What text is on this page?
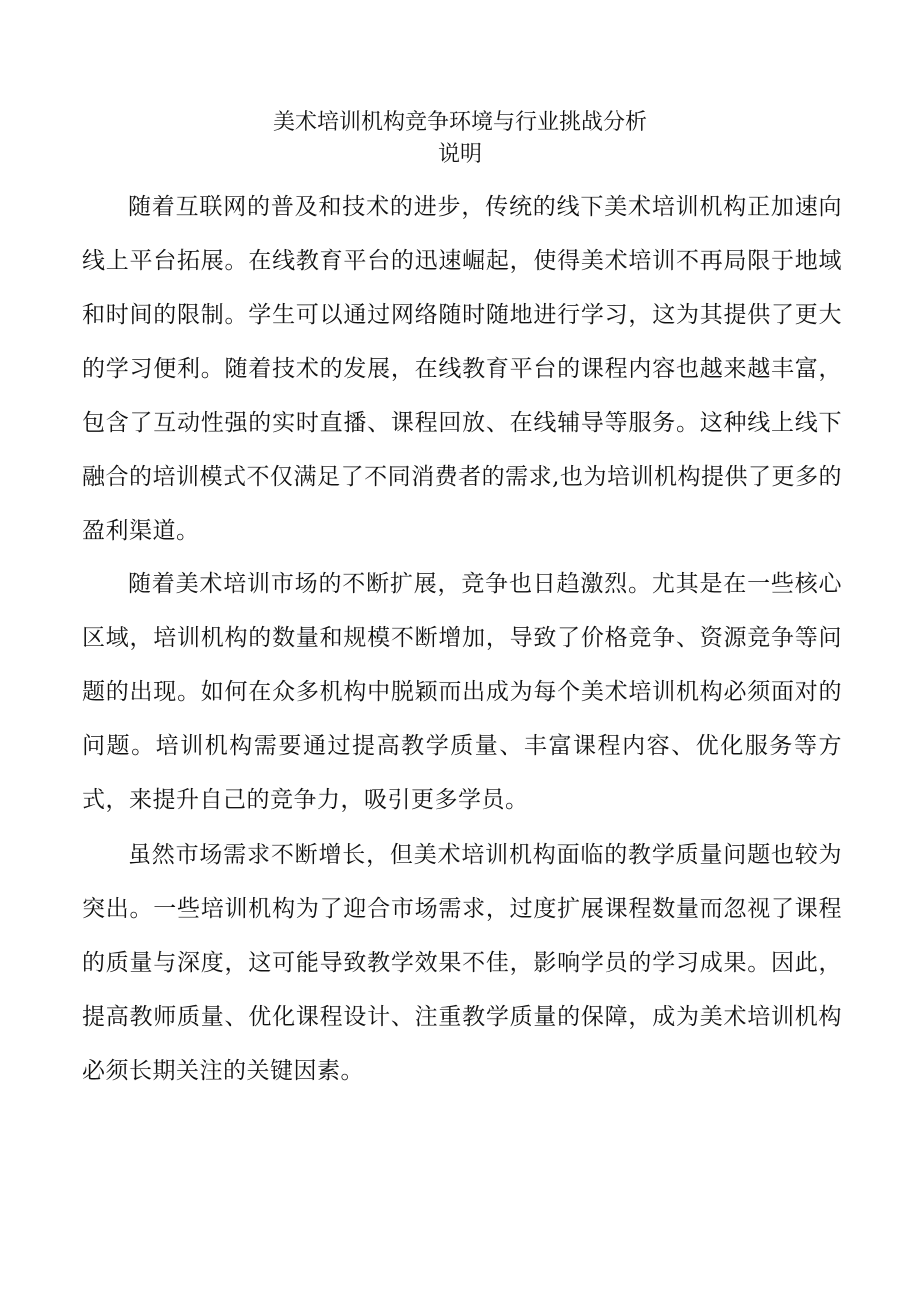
美术培训机构竞争环境与行业挑战分析
说明

随着互联网的普及和技术的进步，传统的线下美术培训机构正加速向线上平台拓展。在线教育平台的迅速崛起，使得美术培训不再局限于地域和时间的限制。学生可以通过网络随时随地进行学习，这为其提供了更大的学习便利。随着技术的发展，在线教育平台的课程内容也越来越丰富，包含了互动性强的实时直播、课程回放、在线辅导等服务。这种线上线下融合的培训模式不仅满足了不同消费者的需求,也为培训机构提供了更多的盈利渠道。

随着美术培训市场的不断扩展，竞争也日趋激烈。尤其是在一些核心区域，培训机构的数量和规模不断增加，导致了价格竞争、资源竞争等问题的出现。如何在众多机构中脱颖而出成为每个美术培训机构必须面对的问题。培训机构需要通过提高教学质量、丰富课程内容、优化服务等方式，来提升自己的竞争力，吸引更多学员。

虽然市场需求不断增长，但美术培训机构面临的教学质量问题也较为突出。一些培训机构为了迎合市场需求，过度扩展课程数量而忽视了课程的质量与深度，这可能导致教学效果不佳，影响学员的学习成果。因此，提高教师质量、优化课程设计、注重教学质量的保障，成为美术培训机构必须长期关注的关键因素。
